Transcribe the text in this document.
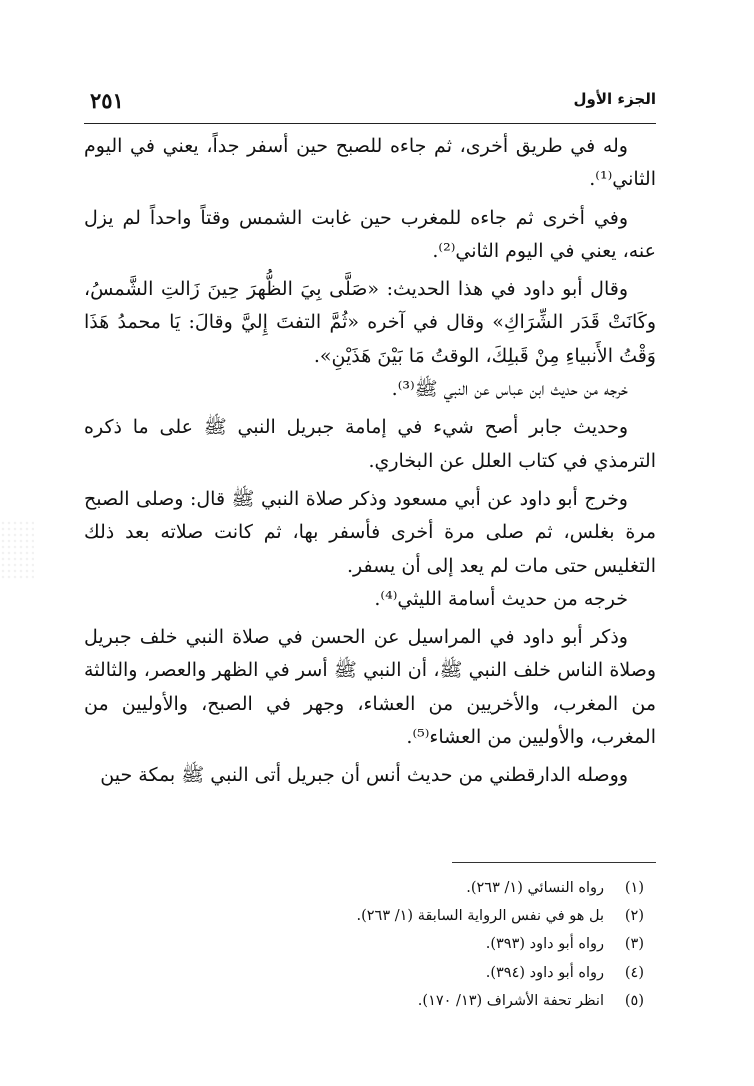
الجزء الأول
٢٥١

وله في طريق أخرى، ثم جاءه للصبح حين أسفر جداً، يعني في اليوم الثاني⁽¹⁾.

وفي أخرى ثم جاءه للمغرب حين غابت الشمس وقتاً واحداً لم يزل عنه، يعني في اليوم الثاني⁽²⁾.

وقال أبو داود في هذا الحديث: «صَلَّى بِيَ الظُّهرَ حِينَ زَالتِ الشَّمسُ، وكَانَتْ قَدَر الشِّرَاكِ» وقال في آخره «ثُمَّ التفتَ إِليَّ وقالَ: يَا محمدُ هَذَا وَقْتُ الأَنبياءِ مِنْ قَبلِكَ، الوقتُ مَا بَيْنَ هَذَيْنِ».

خرجه من حديث ابن عباس عن النبي ﷺ⁽³⁾.

وحديث جابر أصح شيء في إمامة جبريل النبي ﷺ على ما ذكره الترمذي في كتاب العلل عن البخاري.

وخرج أبو داود عن أبي مسعود وذكر صلاة النبي ﷺ قال: وصلى الصبح مرة بغلس، ثم صلى مرة أخرى فأسفر بها، ثم كانت صلاته بعد ذلك التغليس حتى مات لم يعد إلى أن يسفر.

خرجه من حديث أسامة الليثي⁽⁴⁾.

وذكر أبو داود في المراسيل عن الحسن في صلاة النبي خلف جبريل وصلاة الناس خلف النبي ﷺ، أن النبي ﷺ أسر في الظهر والعصر، والثالثة من المغرب، والأخريين من العشاء، وجهر في الصبح، والأوليين من المغرب، والأوليين من العشاء⁽⁵⁾.

ووصله الدارقطني من حديث أنس أن جبريل أتى النبي ﷺ بمكة حين

(١)
رواه النسائي (١/ ٢٦٣).
(٢)
بل هو في نفس الرواية السابقة (١/ ٢٦٣).
(٣)
رواه أبو داود (٣٩٣).
(٤)
رواه أبو داود (٣٩٤).
(٥)
انظر تحفة الأشراف (١٣/ ١٧٠).
